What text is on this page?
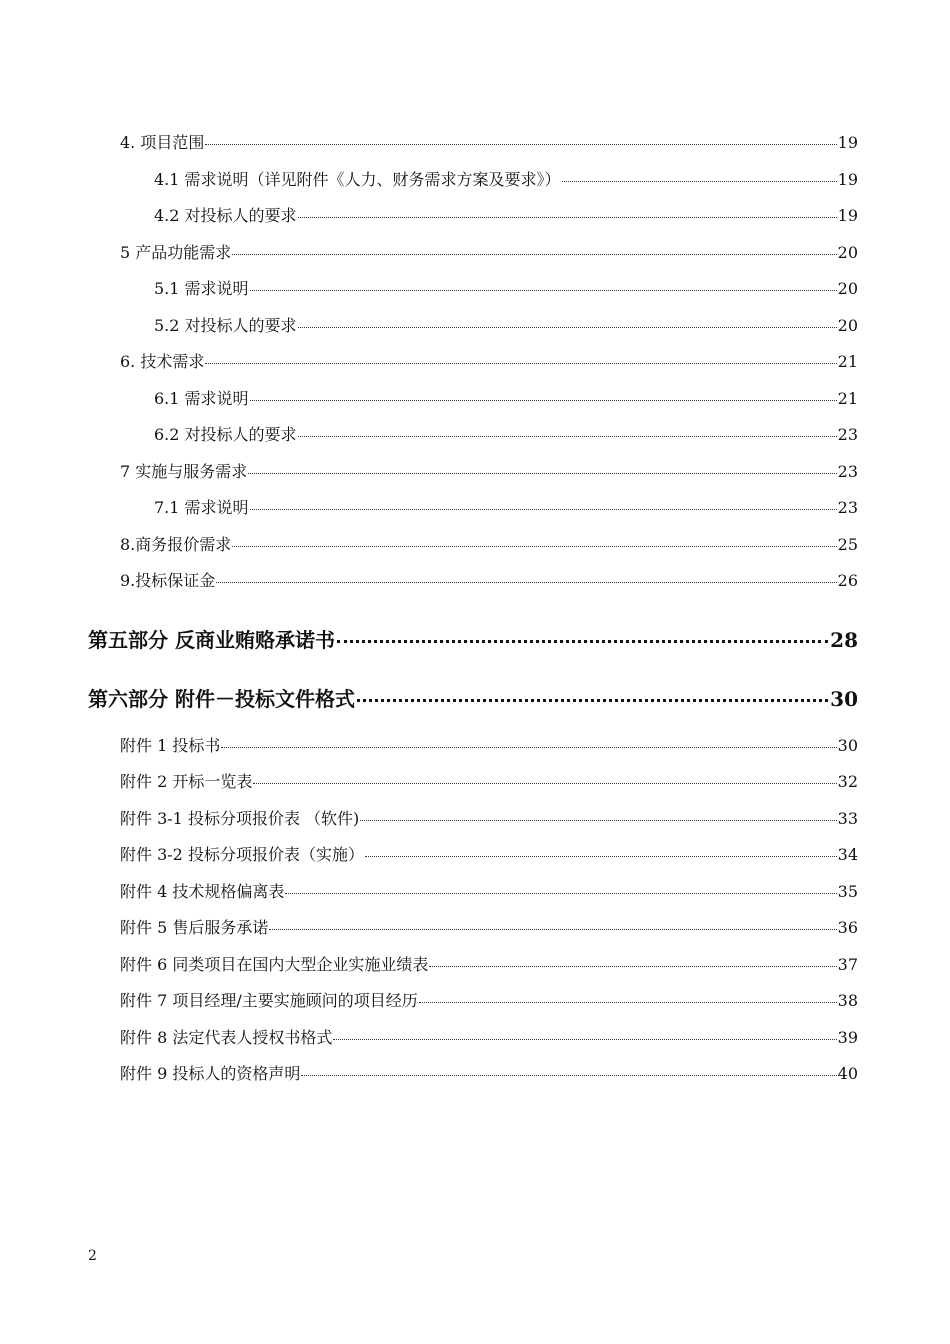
4. 项目范围	19
4.1 需求说明（详见附件《人力、财务需求方案及要求》）	19
4.2 对投标人的要求	19
5 产品功能需求	20
5.1 需求说明	20
5.2 对投标人的要求	20
6. 技术需求	21
6.1 需求说明	21
6.2 对投标人的要求	23
7 实施与服务需求	23
7.1 需求说明	23
8.商务报价需求	25
9.投标保证金	26
第五部分 反商业贿赂承诺书	28
第六部分 附件－投标文件格式	30
附件 1 投标书	30
附件 2 开标一览表	32
附件 3-1 投标分项报价表 （软件)	33
附件 3-2 投标分项报价表（实施）	34
附件 4 技术规格偏离表	35
附件 5 售后服务承诺	36
附件 6 同类项目在国内大型企业实施业绩表	37
附件 7 项目经理/主要实施顾问的项目经历	38
附件 8 法定代表人授权书格式	39
附件 9 投标人的资格声明	40
2
